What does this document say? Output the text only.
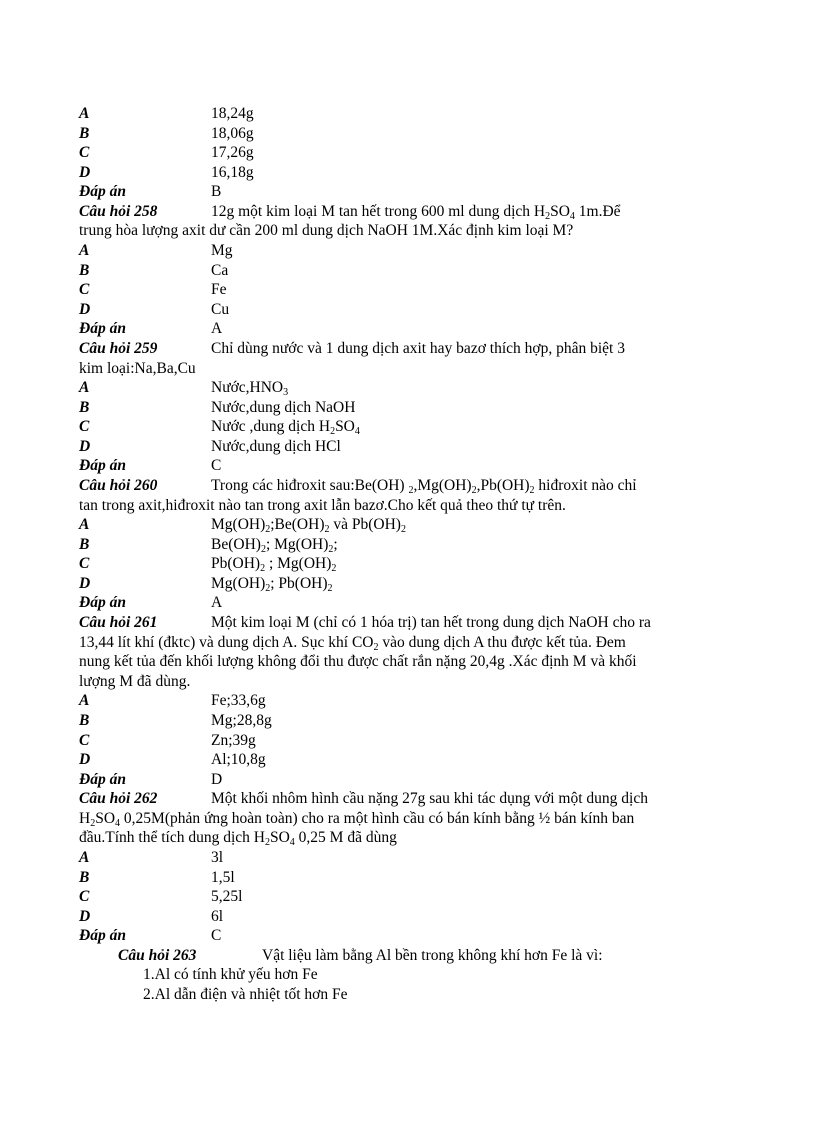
A	18,24g
B	18,06g
C	17,26g
D	16,18g
Đáp án	B
Câu hỏi 258	12g một kim loại M tan hết trong 600 ml dung dịch $H_2SO_4$ 1m.Để
trung hòa lượng axit dư cần 200 ml dung dịch NaOH 1M.Xác định kim loại M?
A	Mg
B	Ca
C	Fe
D	Cu
Đáp án	A
Câu hỏi 259	Chỉ dùng nước và 1 dung dịch axit hay bazơ thích hợp, phân biệt 3
kim loại:Na,Ba,Cu
A	$Nước,HNO_3$
B	Nước,dung dịch NaOH
C	Nước ,dung dịch $H_2SO_4$
D	Nước,dung dịch HCl
Đáp án	C
Câu hỏi 260	Trong các hiđroxit sau:Be(OH) $_2,Mg(OH)_2,Pb(OH)_2$ hiđroxit nào chỉ
tan trong axit,hiđroxit nào tan trong axit lẫn bazơ.Cho kết quả theo thứ tự trên.
A	$Mg(OH)_2;Be(OH)_2$ và $Pb(OH)_2$
B	$Be(OH)_2$; $Mg(OH)_2$;
C	$Pb(OH)_2$ ; $Mg(OH)_2$
D	$Mg(OH)_2$; $Pb(OH)_2$
Đáp án	A
Câu hỏi 261	Một kim loại M (chỉ có 1 hóa trị) tan hết trong dung dịch NaOH cho ra
13,44 lít khí (đktc) và dung dịch A. Sục khí $CO_2$ vào dung dịch A thu được kết tủa. Đem
nung kết tủa đến khối lượng không đổi thu được chất rắn nặng 20,4g .Xác định M và khối
lượng M đã dùng.
A	Fe;33,6g
B	Mg;28,8g
C	Zn;39g
D	Al;10,8g
Đáp án	D
Câu hỏi 262	Một khối nhôm hình cầu nặng 27g sau khi tác dụng với một dung dịch
$H_2SO_4$ 0,25M(phản ứng hoàn toàn) cho ra một hình cầu có bán kính bằng ½ bán kính ban
đầu.Tính thể tích dung dịch $H_2SO_4$ 0,25 M đã dùng
A	3l
B	1,5l
C	5,25l
D	6l
Đáp án	C
Câu hỏi 263	Vật liệu làm bằng Al bền trong không khí hơn Fe là vì:
1.Al có tính khử yếu hơn Fe
2.Al dẫn điện và nhiệt tốt hơn Fe
